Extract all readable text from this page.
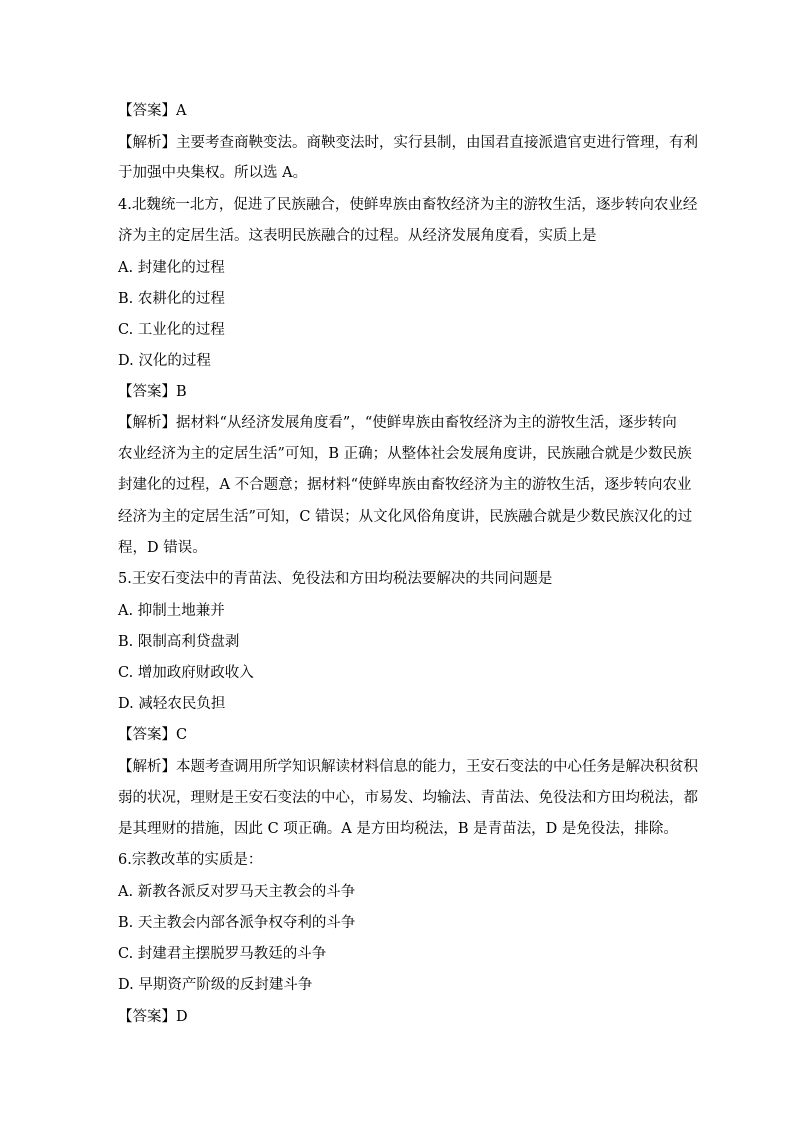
【答案】A
【解析】主要考查商鞅变法。商鞅变法时，实行县制，由国君直接派遣官吏进行管理，有利
于加强中央集权。所以选 A。
4.北魏统一北方，促进了民族融合，使鲜卑族由畜牧经济为主的游牧生活，逐步转向农业经
济为主的定居生活。这表明民族融合的过程。从经济发展角度看，实质上是
A. 封建化的过程
B. 农耕化的过程
C. 工业化的过程
D. 汉化的过程
【答案】B
【解析】据材料“从经济发展角度看”，“使鲜卑族由畜牧经济为主的游牧生活，逐步转向
农业经济为主的定居生活”可知，B 正确；从整体社会发展角度讲，民族融合就是少数民族
封建化的过程，A 不合题意；据材料“使鲜卑族由畜牧经济为主的游牧生活，逐步转向农业
经济为主的定居生活”可知，C 错误；从文化风俗角度讲，民族融合就是少数民族汉化的过
程，D 错误。
5.王安石变法中的青苗法、免役法和方田均税法要解决的共同问题是
A. 抑制土地兼并
B. 限制高利贷盘剥
C. 增加政府财政收入
D. 减轻农民负担
【答案】C
【解析】本题考查调用所学知识解读材料信息的能力，王安石变法的中心任务是解决积贫积
弱的状况，理财是王安石变法的中心，市易发、均输法、青苗法、免役法和方田均税法，都
是其理财的措施，因此 C 项正确。A 是方田均税法，B 是青苗法，D 是免役法，排除。
6.宗教改革的实质是：
A. 新教各派反对罗马天主教会的斗争
B. 天主教会内部各派争权夺利的斗争
C. 封建君主摆脱罗马教廷的斗争
D. 早期资产阶级的反封建斗争
【答案】D
